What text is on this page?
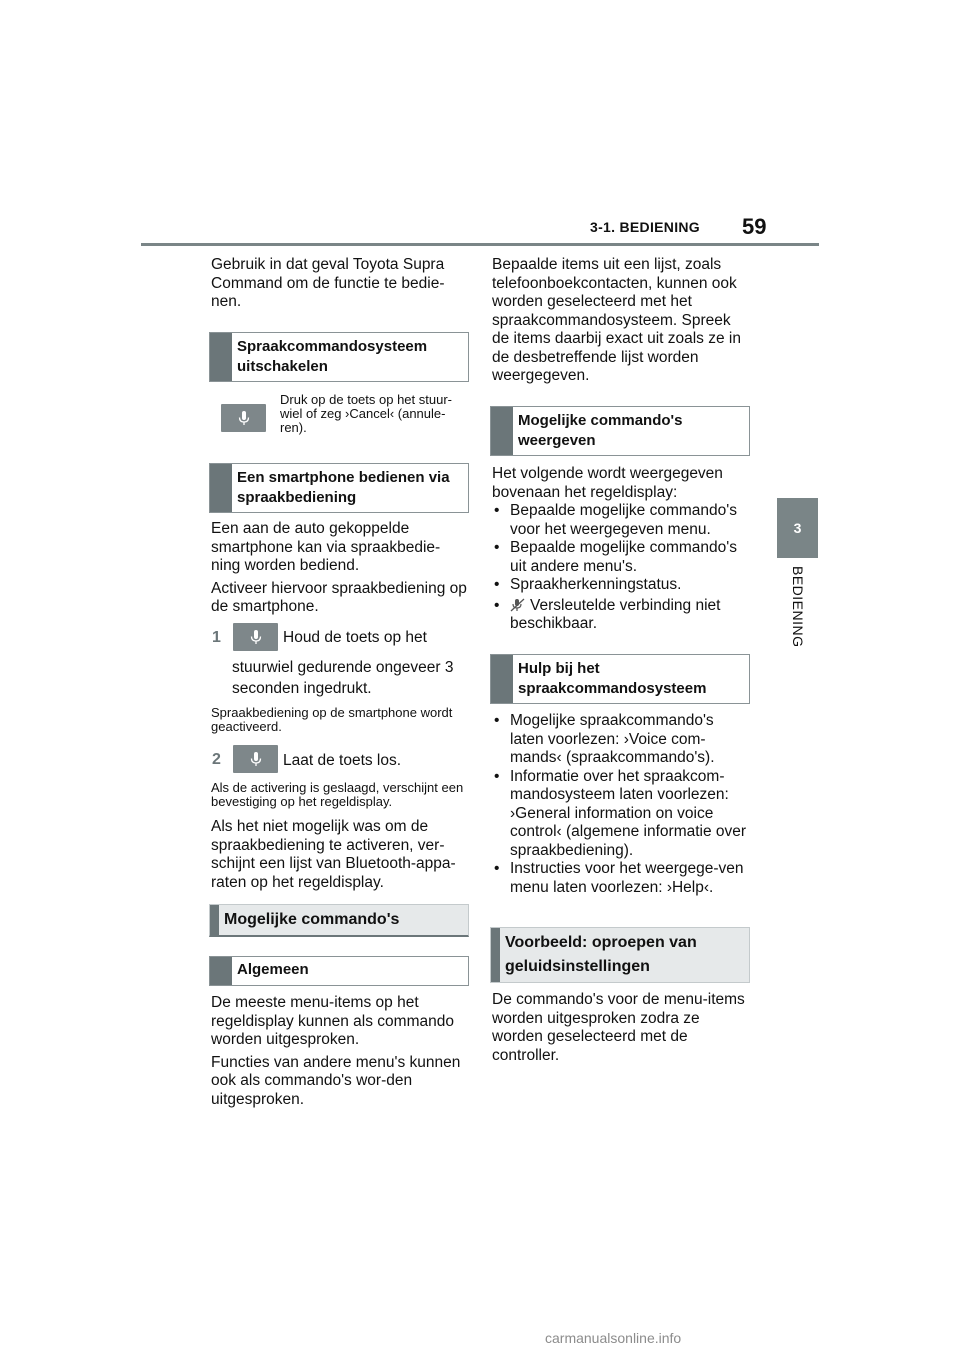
3-1. BEDIENING 59
3
BEDIENING

Gebruik in dat geval Toyota Supra Command om de functie te bedie-nen.

Spraakcommandosysteem uitschakelen

Druk op de toets op het stuur-wiel of zeg ›Cancel‹ (annule-ren).

Een smartphone bedienen via spraakbediening

Een aan de auto gekoppelde smartphone kan via spraakbedie-ning worden bediend.

Activeer hiervoor spraakbediening op de smartphone.

1	Houd de toets op het
stuurwiel gedurende ongeveer 3 seconden ingedrukt.
Spraakbediening op de smartphone wordt geactiveerd.
2	Laat de toets los.
Als de activering is geslaagd, verschijnt een bevestiging op het regeldisplay.

Als het niet mogelijk was om de spraakbediening te activeren, ver-schijnt een lijst van Bluetooth-appa-raten op het regeldisplay.

Mogelijke commando's
Algemeen

De meeste menu-items op het regeldisplay kunnen als commando worden uitgesproken.

Functies van andere menu's kunnen ook als commando's wor-den uitgesproken.

Bepaalde items uit een lijst, zoals telefoonboekcontacten, kunnen ook worden geselecteerd met het spraakcommandosysteem. Spreek de items daarbij exact uit zoals ze in de desbetreffende lijst worden weergegeven.

Mogelijke commando's weergeven

Het volgende wordt weergegeven bovenaan het regeldisplay:

• Bepaalde mogelijke commando's voor het weergegeven menu.
• Bepaalde mogelijke commando's uit andere menu's.
• Spraakherkenningstatus.
• Versleutelde verbinding niet beschikbaar.
Hulp bij het spraakcommandosysteem
• Mogelijke spraakcommando's laten voorlezen: ›Voice com-mands‹ (spraakcommando's).
• Informatie over het spraakcom-mandosysteem laten voorlezen: ›General information on voice control‹ (algemene informatie over spraakbediening).
• Instructies voor het weergege-ven menu laten voorlezen: ›Help‹.
Voorbeeld: oproepen van geluidsinstellingen

De commando's voor de menu-items worden uitgesproken zodra ze worden geselecteerd met de controller.

carmanualsonline.info
